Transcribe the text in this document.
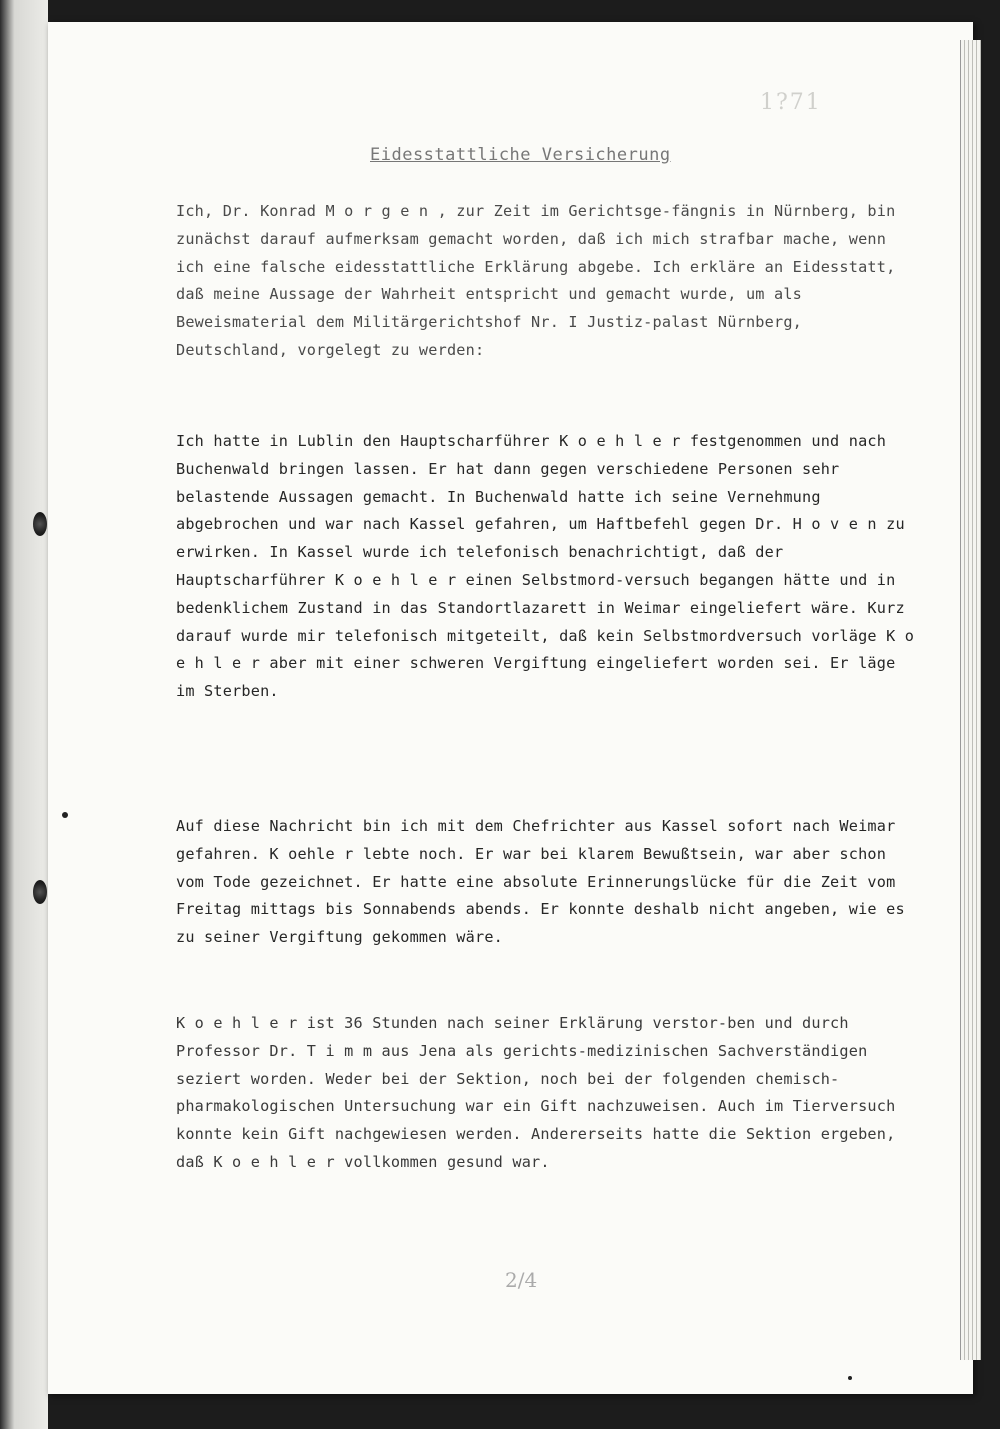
1?71
Eidesstattliche Versicherung
Ich, Dr. Konrad M o r g e n , zur Zeit im Gerichtsge-fängnis in Nürnberg, bin zunächst darauf aufmerksam gemacht worden, daß ich mich strafbar mache, wenn ich eine falsche eidesstattliche Erklärung abgebe. Ich erkläre an Eidesstatt, daß meine Aussage der Wahrheit entspricht und gemacht wurde, um als Beweismaterial dem Militärgerichtshof Nr. I Justiz-palast Nürnberg, Deutschland, vorgelegt zu werden:
Ich hatte in Lublin den Hauptscharführer K o e h l e r festgenommen und nach Buchenwald bringen lassen. Er hat dann gegen verschiedene Personen sehr belastende Aussagen gemacht. In Buchenwald hatte ich seine Vernehmung abgebrochen und war nach Kassel gefahren, um Haftbefehl gegen Dr. H o v e n zu erwirken. In Kassel wurde ich telefonisch benachrichtigt, daß der Hauptscharführer K o e h l e r einen Selbstmord-versuch begangen hätte und in bedenklichem Zustand in das Standortlazarett in Weimar eingeliefert wäre. Kurz darauf wurde mir telefonisch mitgeteilt, daß kein Selbstmordversuch vorläge K o e h l e r aber mit einer schweren Vergiftung eingeliefert worden sei. Er läge im Sterben.
Auf diese Nachricht bin ich mit dem Chefrichter aus Kassel sofort nach Weimar gefahren. K oehle r lebte noch. Er war bei klarem Bewußtsein, war aber schon vom Tode gezeichnet. Er hatte eine absolute Erinnerungslücke für die Zeit vom Freitag mittags bis Sonnabends abends. Er konnte deshalb nicht angeben, wie es zu seiner Vergiftung gekommen wäre.
K o e h l e r ist 36 Stunden nach seiner Erklärung verstor-ben und durch Professor Dr. T i m m aus Jena als gerichts-medizinischen Sachverständigen seziert worden. Weder bei der Sektion, noch bei der folgenden chemisch-pharmakologischen Untersuchung war ein Gift nachzuweisen. Auch im Tierversuch konnte kein Gift nachgewiesen werden. Andererseits hatte die Sektion ergeben, daß K o e h l e r vollkommen gesund war.
2/4
